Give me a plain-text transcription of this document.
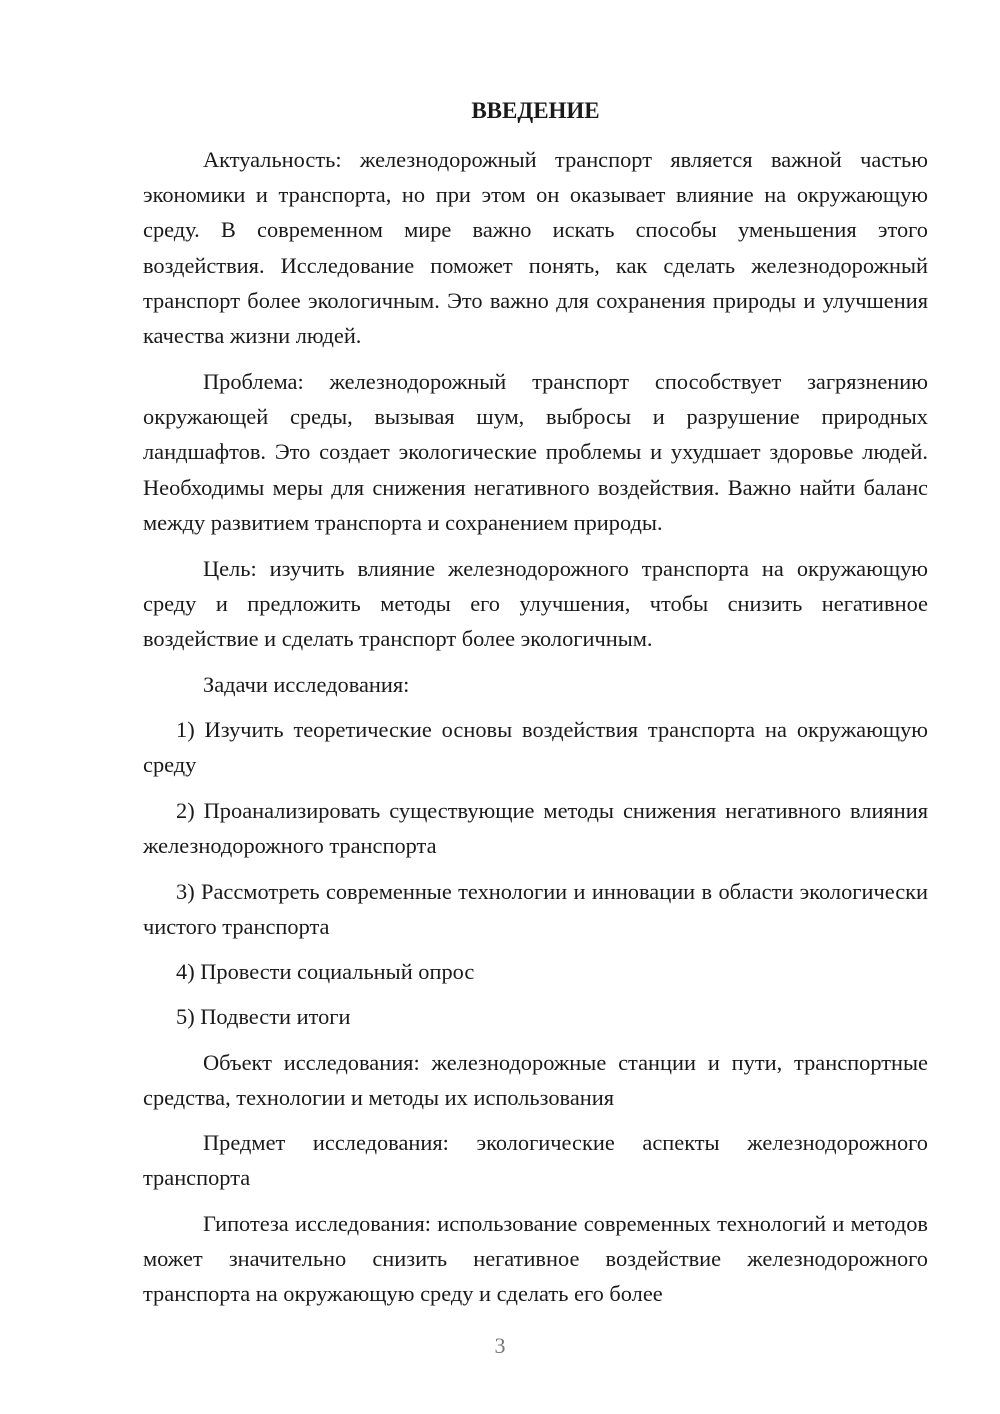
ВВЕДЕНИЕ

Актуальность: железнодорожный транспорт является важной частью экономики и транспорта, но при этом он оказывает влияние на окружающую среду. В современном мире важно искать способы уменьшения этого воздействия. Исследование поможет понять, как сделать железнодорожный транспорт более экологичным. Это важно для сохранения природы и улучшения качества жизни людей.

Проблема: железнодорожный транспорт способствует загрязнению окружающей среды, вызывая шум, выбросы и разрушение природных ландшафтов. Это создает экологические проблемы и ухудшает здоровье людей. Необходимы меры для снижения негативного воздействия. Важно найти баланс между развитием транспорта и сохранением природы.

Цель: изучить влияние железнодорожного транспорта на окружающую среду и предложить методы его улучшения, чтобы снизить негативное воздействие и сделать транспорт более экологичным.

Задачи исследования:

1) Изучить теоретические основы воздействия транспорта на окружающую среду

2) Проанализировать существующие методы снижения негативного влияния железнодорожного транспорта

3) Рассмотреть современные технологии и инновации в области экологически чистого транспорта

4) Провести социальный опрос

5) Подвести итоги

Объект исследования: железнодорожные станции и пути, транспортные средства, технологии и методы их использования

Предмет исследования: экологические аспекты железнодорожного транспорта

Гипотеза исследования: использование современных технологий и методов может значительно снизить негативное воздействие железнодорожного транспорта на окружающую среду и сделать его более

3
